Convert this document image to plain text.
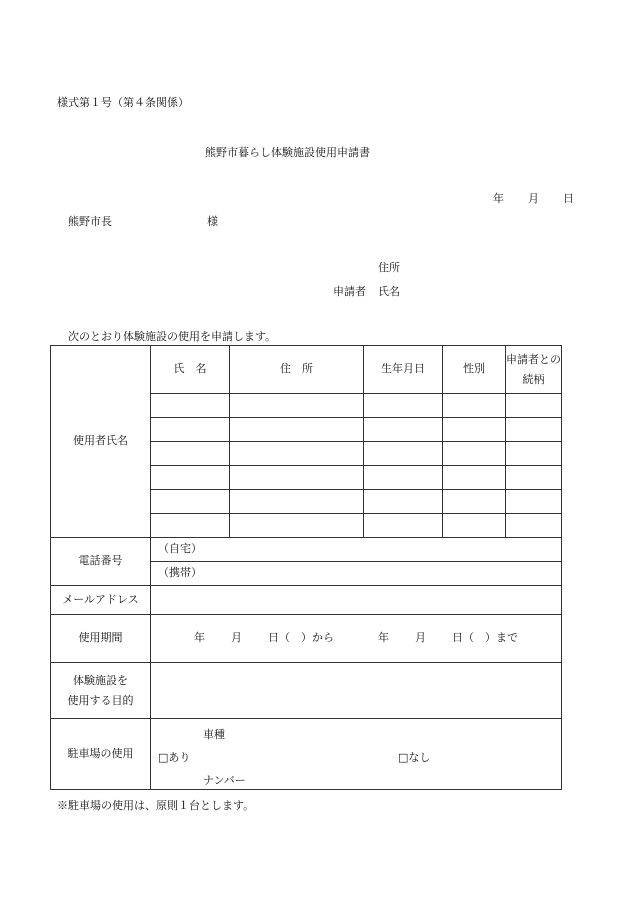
様式第１号（第４条関係）
熊野市暮らし体験施設使用申請書
年 月 日
熊野市長	様
住所
申請者 氏名
次のとおり体験施設の使用を申請します。
使用者氏名	氏　名	住　所	生年月日	性別	申請者との続柄

電話番号	（自宅）				
	（携帯）				
メールアドレス					
使用期間	年 月 日（　）から 年 月 日（　）まで				
体験施設を
使用する目的					
駐車場の使用	車種
□あり □なし
ナンバー				
※駐車場の使用は、原則１台とします。
